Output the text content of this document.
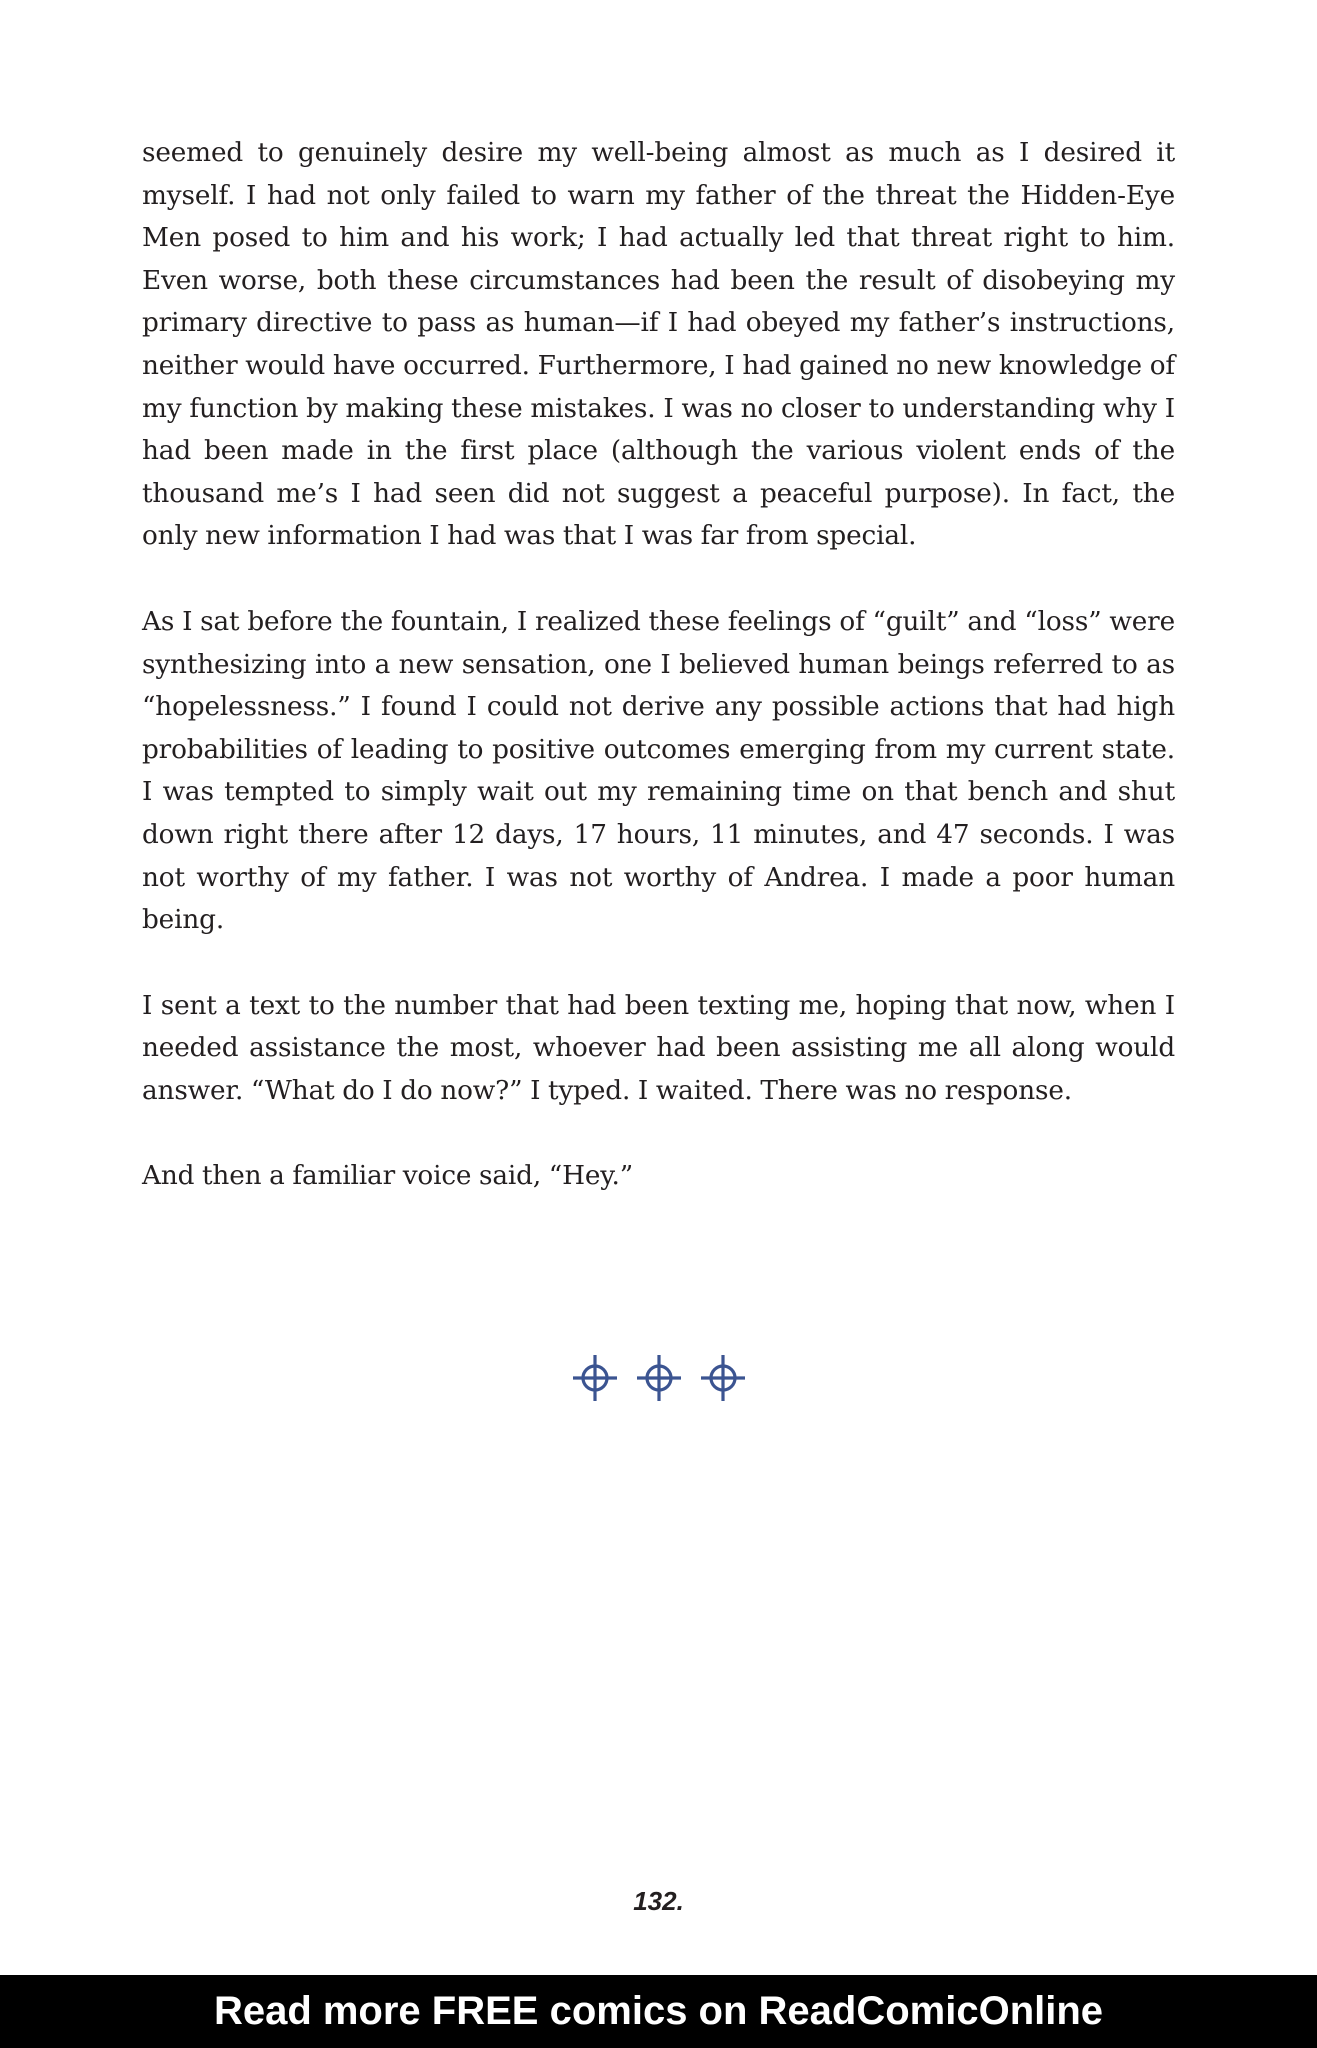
seemed to genuinely desire my well-being almost as much as I desired it myself. I had not only failed to warn my father of the threat the Hidden-Eye Men posed to him and his work; I had actually led that threat right to him. Even worse, both these circumstances had been the result of disobeying my primary directive to pass as human—if I had obeyed my father’s instructions, neither would have occurred. Furthermore, I had gained no new knowledge of my function by making these mistakes. I was no closer to understanding why I had been made in the first place (although the various violent ends of the thousand me’s I had seen did not suggest a peaceful purpose). In fact, the only new information I had was that I was far from special.

As I sat before the fountain, I realized these feelings of “guilt” and “loss” were synthesizing into a new sensation, one I believed human beings referred to as “hopelessness.” I found I could not derive any possible actions that had high probabilities of leading to positive outcomes emerging from my current state. I was tempted to simply wait out my remaining time on that bench and shut down right there after 12 days, 17 hours, 11 minutes, and 47 seconds. I was not worthy of my father. I was not worthy of Andrea. I made a poor human being.

I sent a text to the number that had been texting me, hoping that now, when I needed assistance the most, whoever had been assisting me all along would answer. “What do I do now?” I typed. I waited. There was no response.

And then a familiar voice said, “Hey.”

132.
Read more FREE comics on ReadComicOnline
